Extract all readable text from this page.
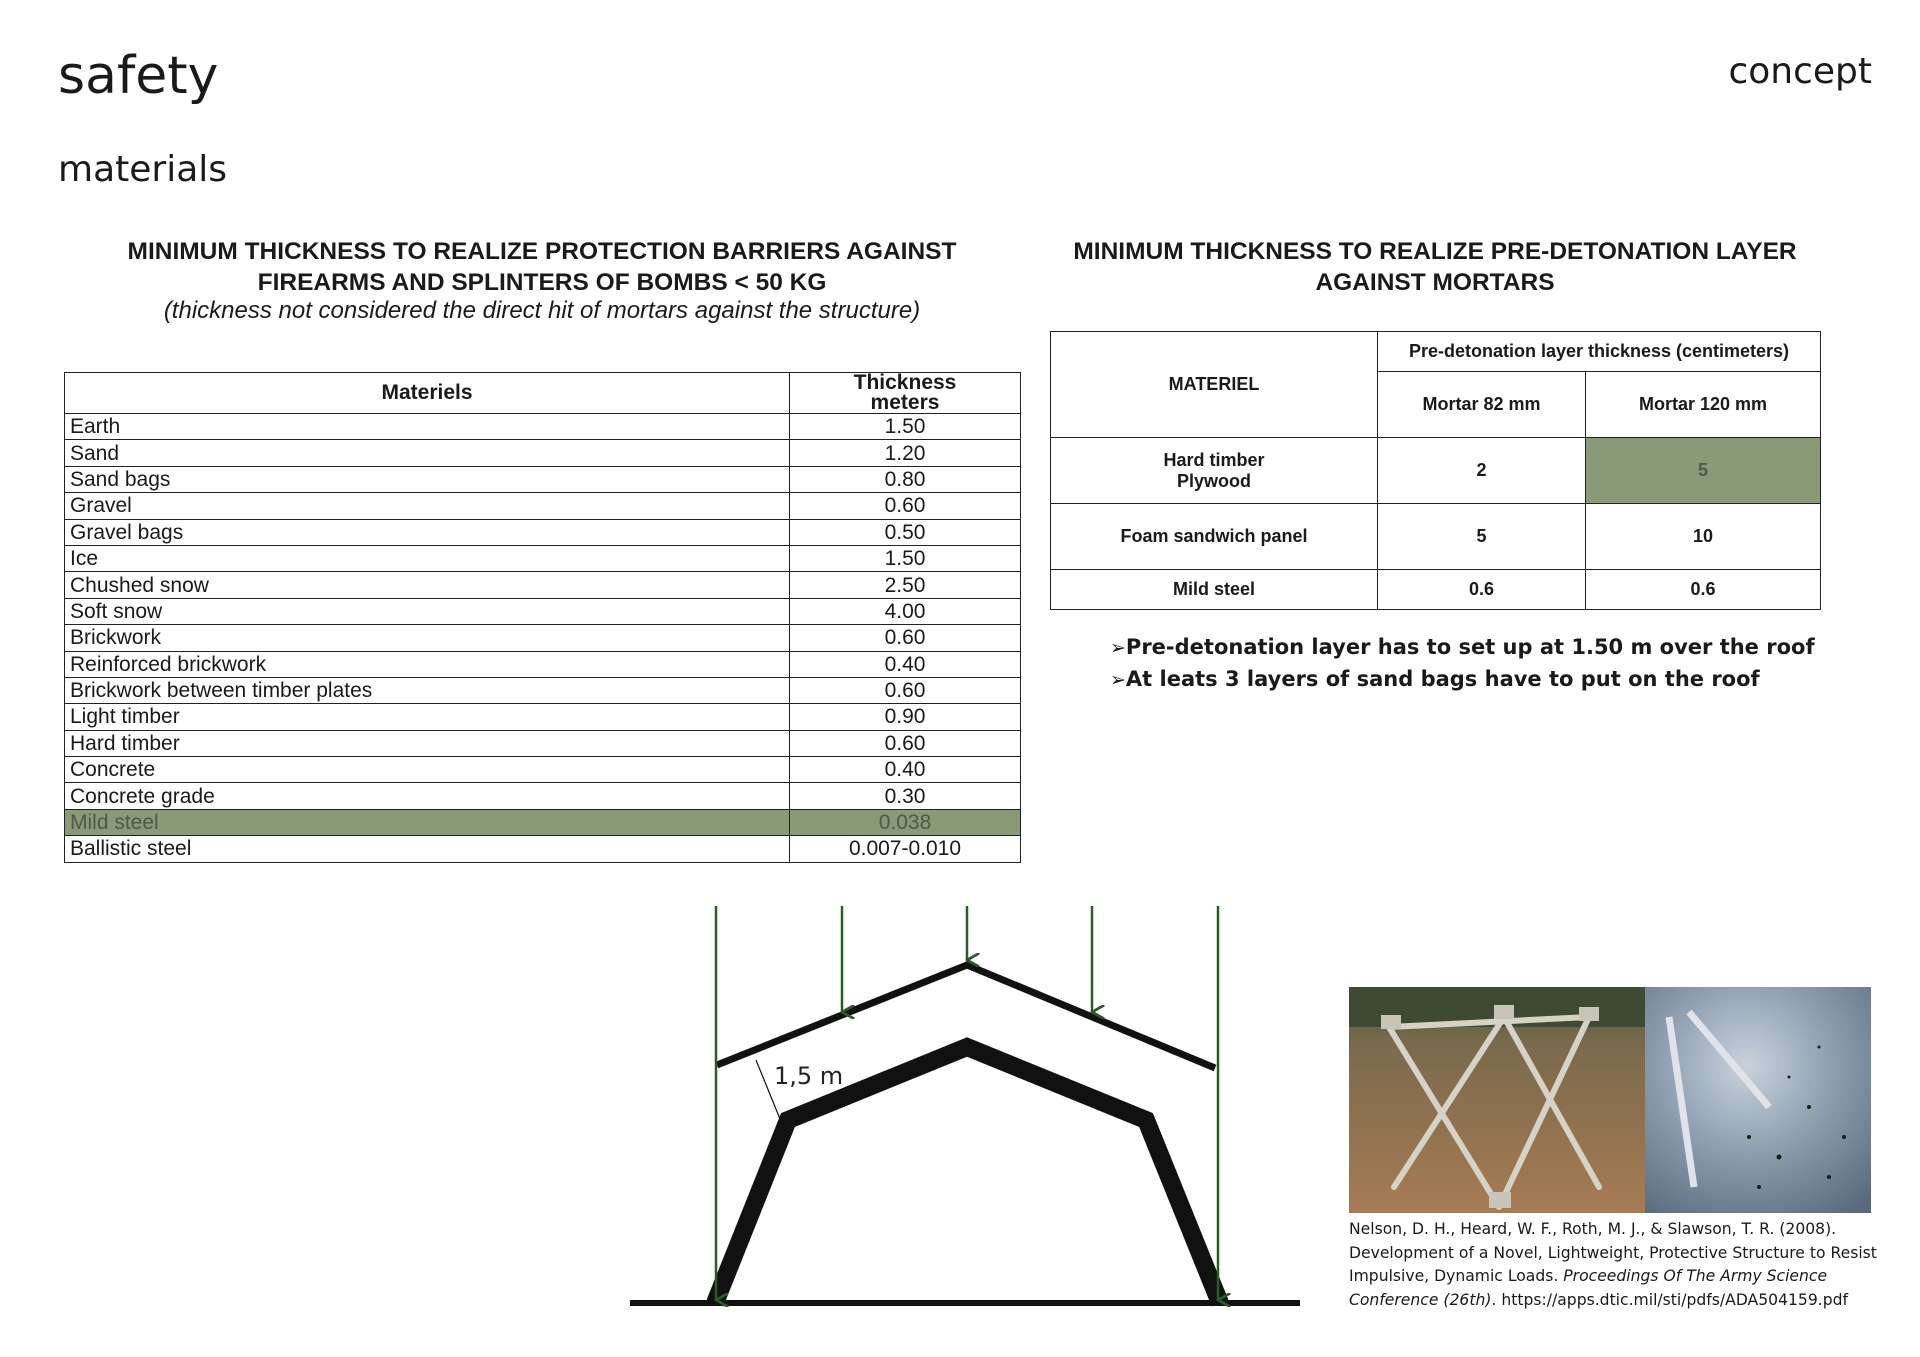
safety
materials
concept
MINIMUM THICKNESS TO REALIZE PROTECTION BARRIERS AGAINST
FIREARMS AND SPLINTERS OF BOMBS < 50 KG
(thickness not considered the direct hit of mortars against the structure)
Materiels	Thickness
meters

Earth	1.50
Sand	1.20
Sand bags	0.80
Gravel	0.60
Gravel bags	0.50
Ice	1.50
Chushed snow	2.50
Soft snow	4.00
Brickwork	0.60
Reinforced brickwork	0.40
Brickwork between timber plates	0.60
Light timber	0.90
Hard timber	0.60
Concrete	0.40
Concrete grade	0.30
Mild steel	0.038
Ballistic steel	0.007-0.010
MINIMUM THICKNESS TO REALIZE PRE-DETONATION LAYER
AGAINST MORTARS
MATERIEL	Pre-detonation layer thickness (centimeters)	
	Mortar 82 mm	Mortar 120 mm

Hard timber
Plywood	2	5
Foam sandwich panel	5	10
Mild steel	0.6	0.6
➢Pre-detonation layer has to set up at 1.50 m over the roof
➢At leats 3 layers of sand bags have to put on the roof
1,5 m
Nelson, D. H., Heard, W. F., Roth, M. J., & Slawson, T. R. (2008). Development of a Novel, Lightweight, Protective Structure to Resist Impulsive, Dynamic Loads. Proceedings Of The Army Science Conference (26th). https://apps.dtic.mil/sti/pdfs/ADA504159.pdf
